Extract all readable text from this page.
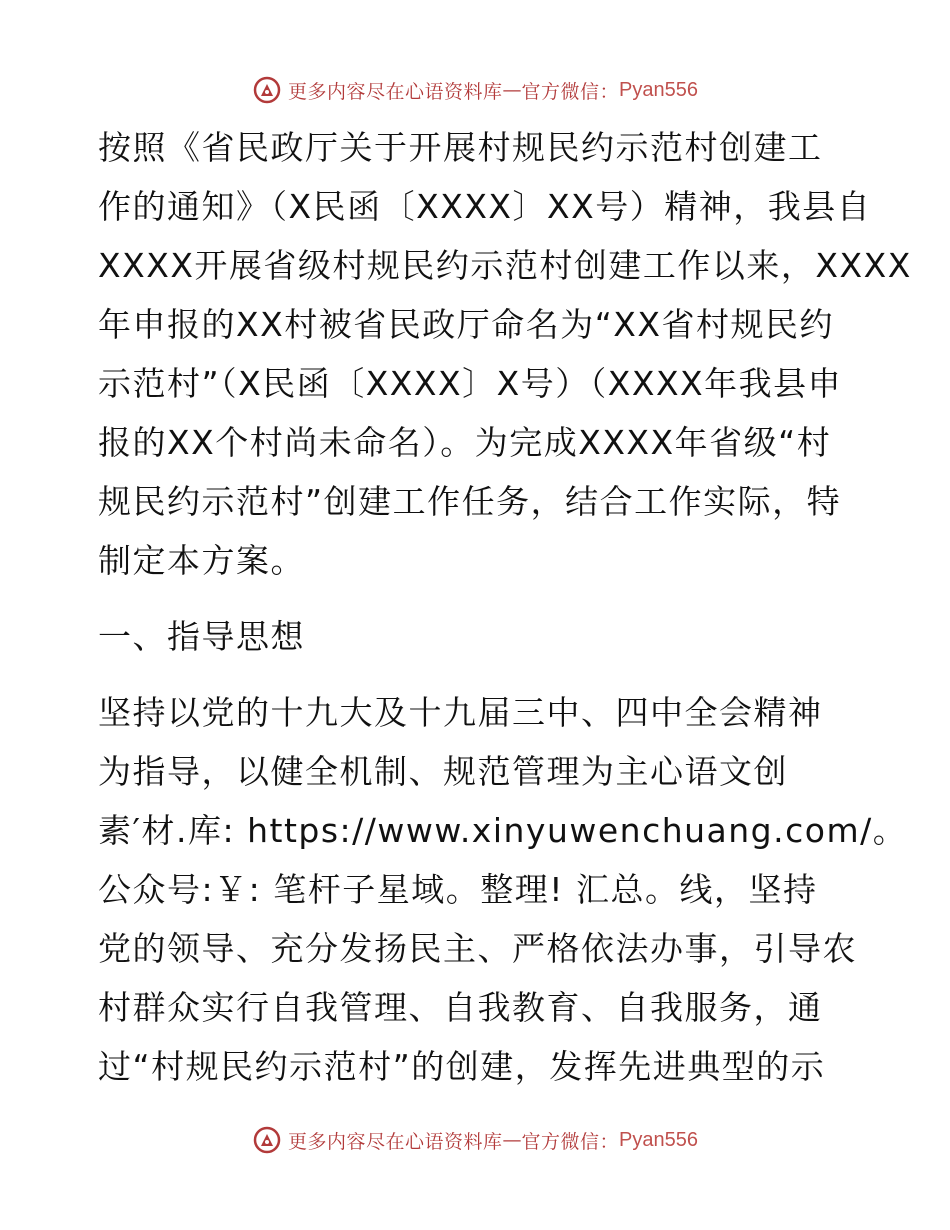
更多内容尽在心语资料库 — 官方微信： Pyan556
按照《省民政厅关于开展村规民约示范村创建工
作的通知》（X民函〔XXXX〕XX号）精神，我县自
XXXX开展省级村规民约示范村创建工作以来，XXXX
年申报的XX村被省民政厅命名为“XX省村规民约
示范村”（X民函〔XXXX〕X号）（XXXX年我县申
报的XX个村尚未命名）。为完成XXXX年省级“村
规民约示范村”创建工作任务，结合工作实际，特
制定本方案。
一、指导思想
坚持以党的十九大及十九届三中、四中全会精神
为指导，以健全机制、规范管理为主心语文创
素′材.库: https://www.xinyuwenchuang.com/。
公众号:￥: 笔杆子星域。整理! 汇总。线，坚持
党的领导、充分发扬民主、严格依法办事，引导农
村群众实行自我管理、自我教育、自我服务，通
过“村规民约示范村”的创建，发挥先进典型的示
更多内容尽在心语资料库 — 官方微信： Pyan556
